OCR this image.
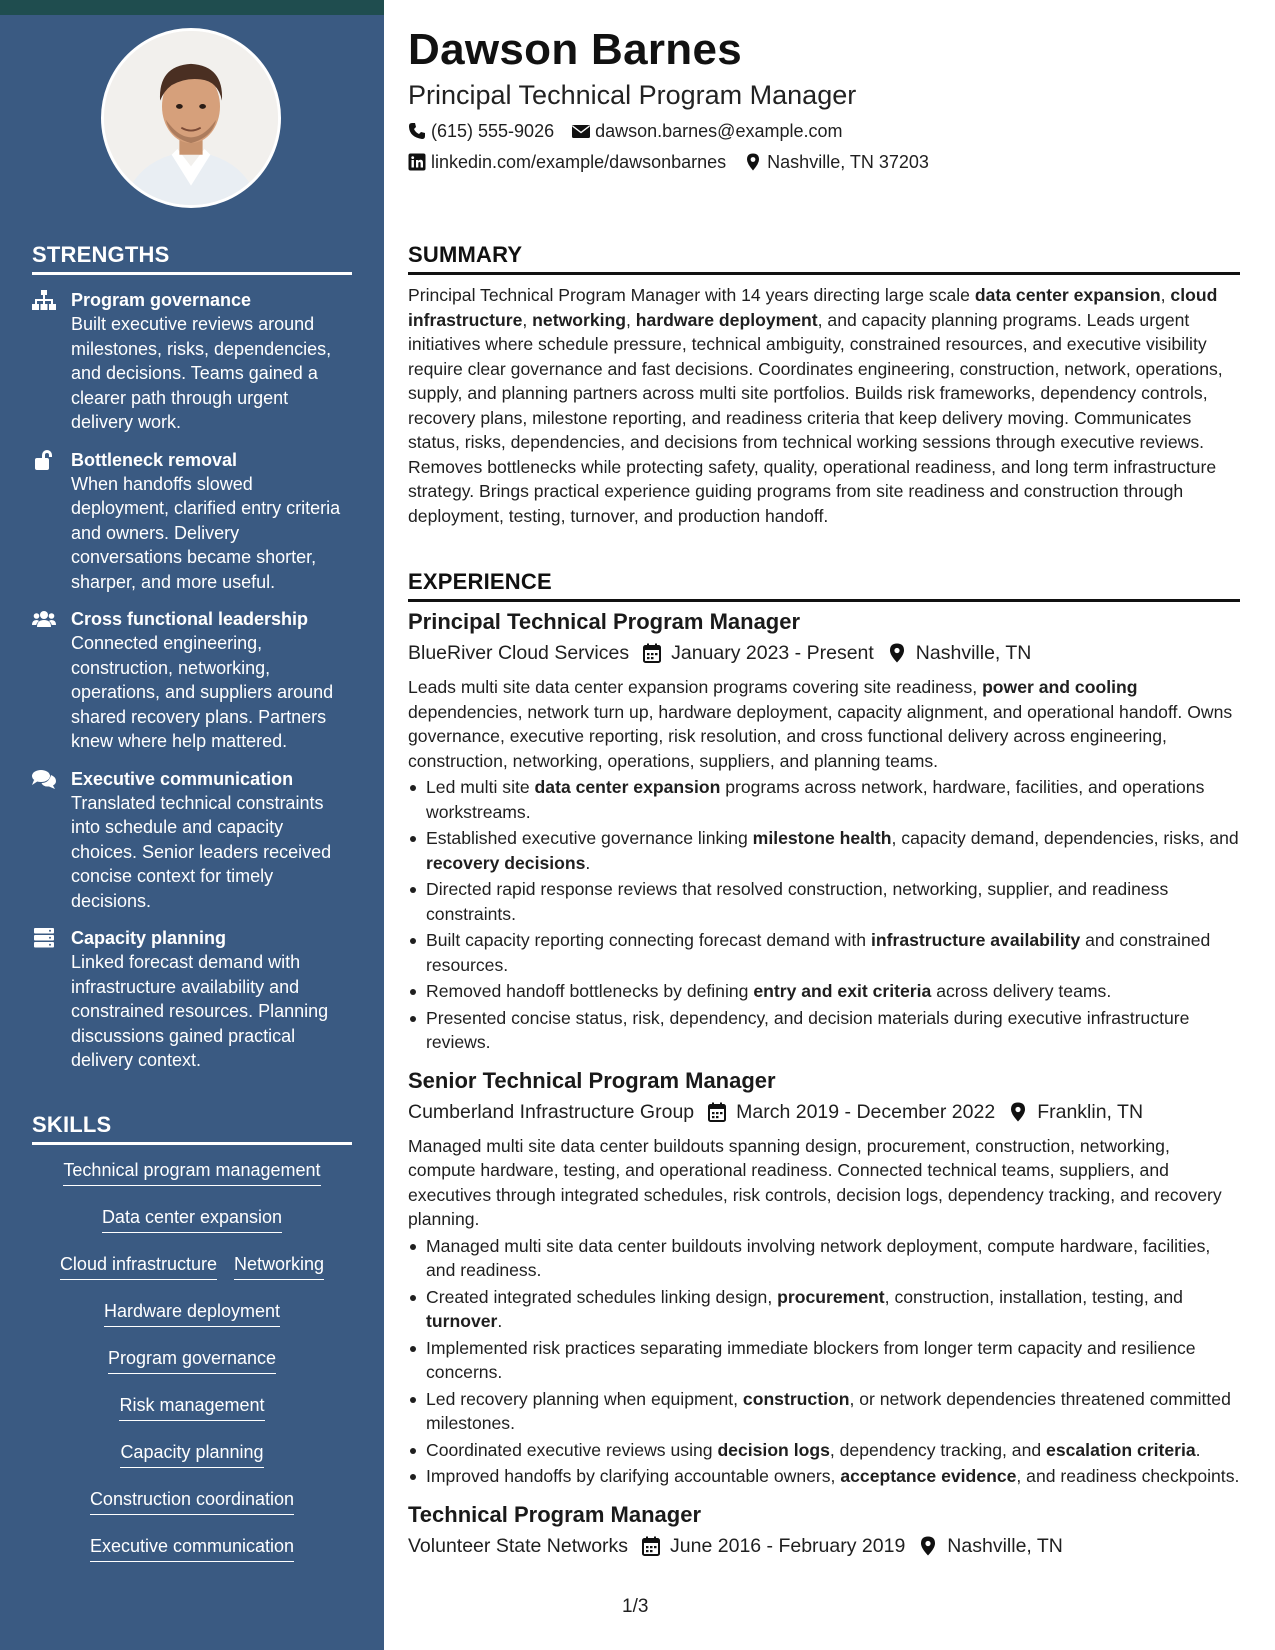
STRENGTHS
Program governance
Built executive reviews around milestones, risks, dependencies, and decisions. Teams gained a clearer path through urgent delivery work.
Bottleneck removal
When handoffs slowed deployment, clarified entry criteria and owners. Delivery conversations became shorter, sharper, and more useful.
Cross functional leadership
Connected engineering, construction, networking, operations, and suppliers around shared recovery plans. Partners knew where help mattered.
Executive communication
Translated technical constraints into schedule and capacity choices. Senior leaders received concise context for timely decisions.
Capacity planning
Linked forecast demand with infrastructure availability and constrained resources. Planning discussions gained practical delivery context.
SKILLS
Technical program management
Data center expansion
Cloud infrastructure Networking
Hardware deployment
Program governance
Risk management
Capacity planning
Construction coordination
Executive communication
Dawson Barnes
Principal Technical Program Manager
(615) 555-9026 dawson.barnes@example.com
linkedin.com/example/dawsonbarnes Nashville, TN 37203
SUMMARY
Principal Technical Program Manager with 14 years directing large scale data center expansion, cloud infrastructure, networking, hardware deployment, and capacity planning programs. Leads urgent initiatives where schedule pressure, technical ambiguity, constrained resources, and executive visibility require clear governance and fast decisions. Coordinates engineering, construction, network, operations, supply, and planning partners across multi site portfolios. Builds risk frameworks, dependency controls, recovery plans, milestone reporting, and readiness criteria that keep delivery moving. Communicates status, risks, dependencies, and decisions from technical working sessions through executive reviews. Removes bottlenecks while protecting safety, quality, operational readiness, and long term infrastructure strategy. Brings practical experience guiding programs from site readiness and construction through deployment, testing, turnover, and production handoff.
EXPERIENCE
Principal Technical Program Manager
BlueRiver Cloud Services	January 2023 - Present	Nashville, TN
Leads multi site data center expansion programs covering site readiness, power and cooling dependencies, network turn up, hardware deployment, capacity alignment, and operational handoff. Owns governance, executive reporting, risk resolution, and cross functional delivery across engineering, construction, networking, operations, suppliers, and planning teams.
Led multi site data center expansion programs across network, hardware, facilities, and operations workstreams.
Established executive governance linking milestone health, capacity demand, dependencies, risks, and recovery decisions.
Directed rapid response reviews that resolved construction, networking, supplier, and readiness constraints.
Built capacity reporting connecting forecast demand with infrastructure availability and constrained resources.
Removed handoff bottlenecks by defining entry and exit criteria across delivery teams.
Presented concise status, risk, dependency, and decision materials during executive infrastructure reviews.
Senior Technical Program Manager
Cumberland Infrastructure Group	March 2019 - December 2022	Franklin, TN
Managed multi site data center buildouts spanning design, procurement, construction, networking, compute hardware, testing, and operational readiness. Connected technical teams, suppliers, and executives through integrated schedules, risk controls, decision logs, dependency tracking, and recovery planning.
Managed multi site data center buildouts involving network deployment, compute hardware, facilities, and readiness.
Created integrated schedules linking design, procurement, construction, installation, testing, and turnover.
Implemented risk practices separating immediate blockers from longer term capacity and resilience concerns.
Led recovery planning when equipment, construction, or network dependencies threatened committed milestones.
Coordinated executive reviews using decision logs, dependency tracking, and escalation criteria.
Improved handoffs by clarifying accountable owners, acceptance evidence, and readiness checkpoints.
Technical Program Manager
Volunteer State Networks	June 2016 - February 2019	Nashville, TN
1/3
